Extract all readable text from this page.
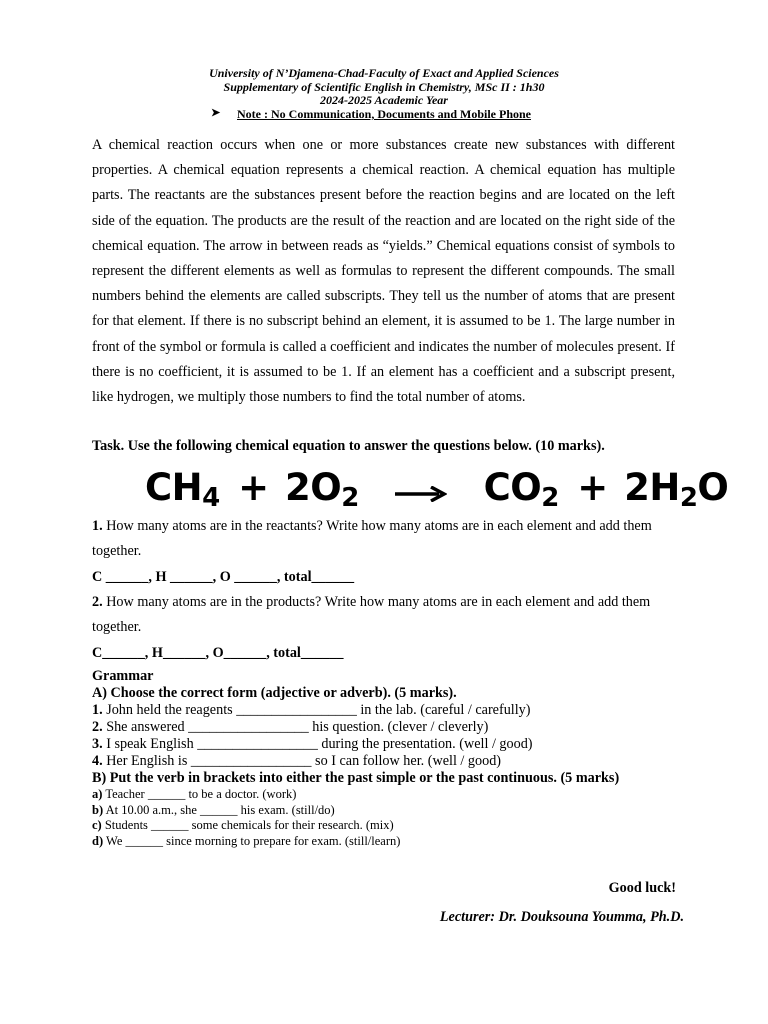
University of N’Djamena-Chad-Faculty of Exact and Applied Sciences
Supplementary of Scientific English in Chemistry, MSc II : 1h30
2024-2025 Academic Year
➤ Note : No Communication, Documents and Mobile Phone
A chemical reaction occurs when one or more substances create new substances with different properties. A chemical equation represents a chemical reaction. A chemical equation has multiple parts. The reactants are the substances present before the reaction begins and are located on the left side of the equation. The products are the result of the reaction and are located on the right side of the chemical equation. The arrow in between reads as “yields.” Chemical equations consist of symbols to represent the different elements as well as formulas to represent the different compounds. The small numbers behind the elements are called subscripts. They tell us the number of atoms that are present for that element. If there is no subscript behind an element, it is assumed to be 1. The large number in front of the symbol or formula is called a coefficient and indicates the number of molecules present. If there is no coefficient, it is assumed to be 1. If an element has a coefficient and a subscript present, like hydrogen, we multiply those numbers to find the total number of atoms.
Task. Use the following chemical equation to answer the questions below. (10 marks).
CH4 + 2O2 → CO2 + 2H2O
1. How many atoms are in the reactants? Write how many atoms are in each element and add them together.
C ______, H ______, O ______, total______
2. How many atoms are in the products? Write how many atoms are in each element and add them together.
C______, H______, O______, total______
Grammar
A) Choose the correct form (adjective or adverb). (5 marks).
1. John held the reagents _________________ in the lab. (careful / carefully)
2. She answered _________________ his question. (clever / cleverly)
3. I speak English _________________ during the presentation. (well / good)
4. Her English is _________________ so I can follow her. (well / good)
B) Put the verb in brackets into either the past simple or the past continuous. (5 marks)
a) Teacher ______ to be a doctor. (work)
b) At 10.00 a.m., she ______ his exam. (still/do)
c) Students ______ some chemicals for their research. (mix)
d) We ______ since morning to prepare for exam. (still/learn)
Good luck!
Lecturer: Dr. Douksouna Youmma, Ph.D.
